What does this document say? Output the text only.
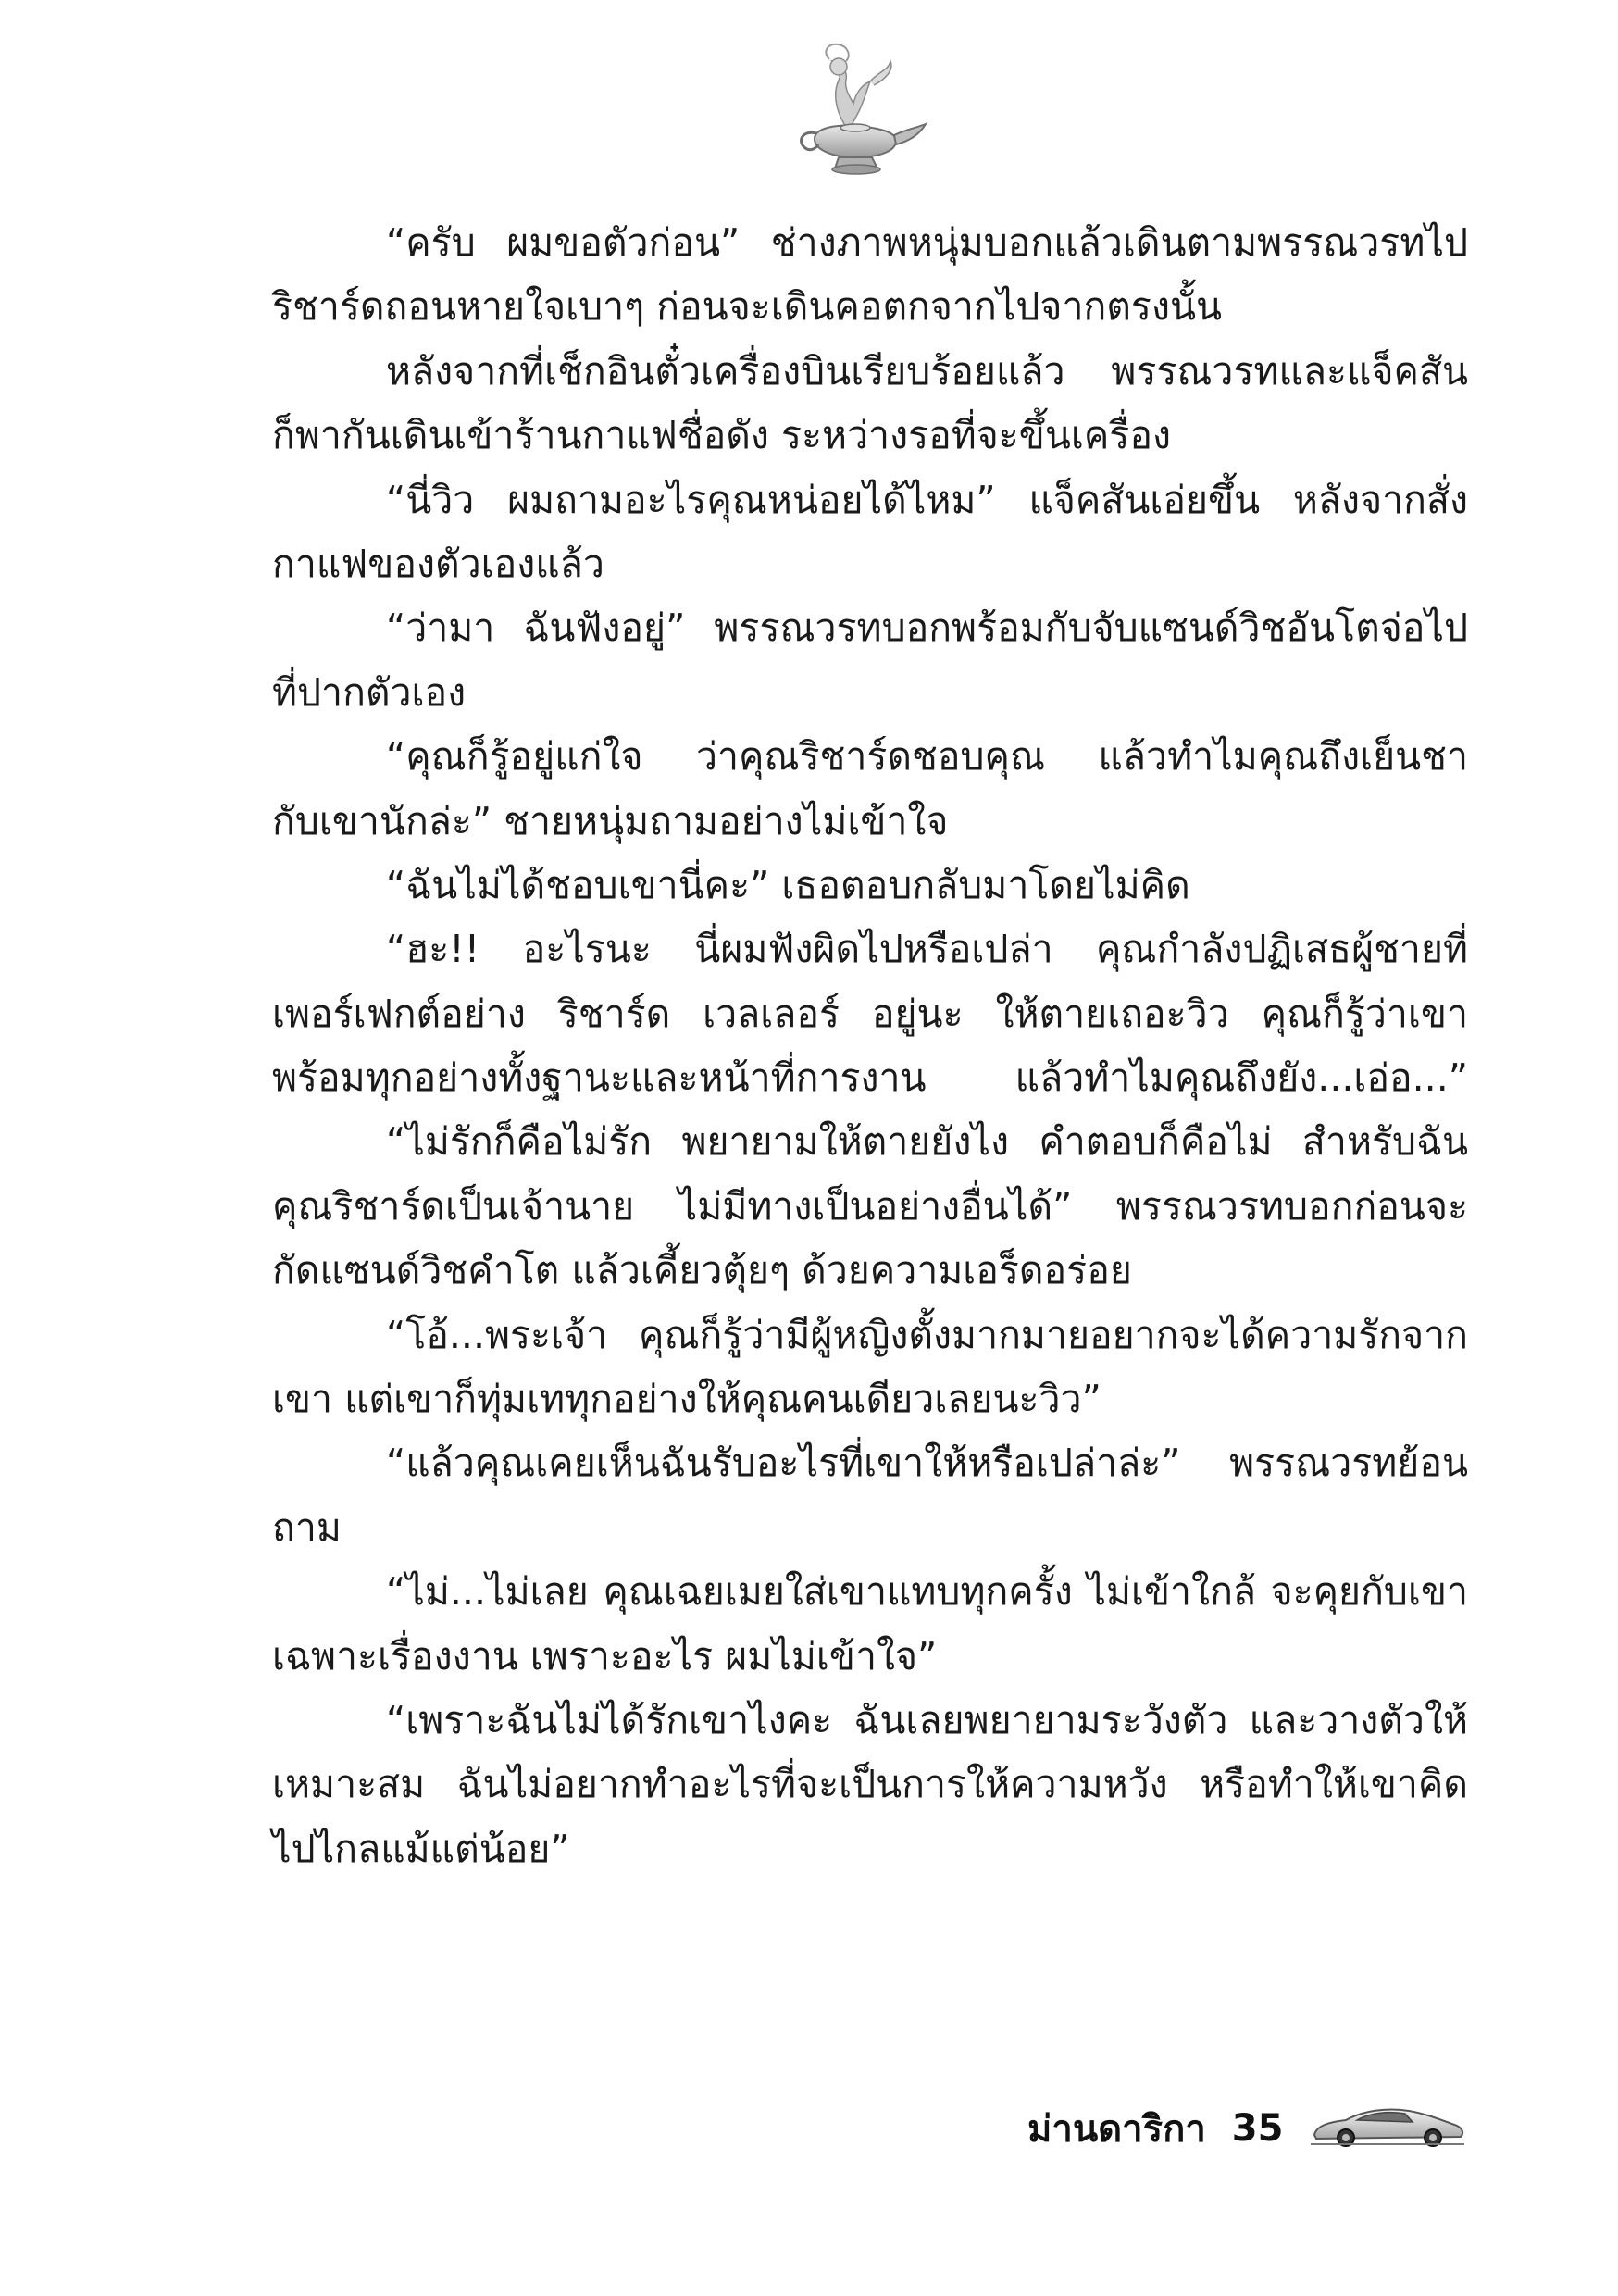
“ครับ ผมขอตัวก่อน” ช่างภาพหนุ่มบอกแล้วเดินตามพรรณวรทไป
ริชาร์ดถอนหายใจเบาๆ ก่อนจะเดินคอตกจากไปจากตรงนั้น
หลังจากที่เช็กอินตั๋วเครื่องบินเรียบร้อยแล้ว พรรณวรทและแจ็คสัน
ก็พากันเดินเข้าร้านกาแฟชื่อดัง ระหว่างรอที่จะขึ้นเครื่อง
“นี่วิว ผมถามอะไรคุณหน่อยได้ไหม” แจ็คสันเอ่ยขึ้น หลังจากสั่ง
กาแฟของตัวเองแล้ว
“ว่ามา ฉันฟังอยู่” พรรณวรทบอกพร้อมกับจับแซนด์วิชอันโตจ่อไป
ที่ปากตัวเอง
“คุณก็รู้อยู่แก่ใจ ว่าคุณริชาร์ดชอบคุณ แล้วทำไมคุณถึงเย็นชา
กับเขานักล่ะ” ชายหนุ่มถามอย่างไม่เข้าใจ
“ฉันไม่ได้ชอบเขานี่คะ” เธอตอบกลับมาโดยไม่คิด
“ฮะ!! อะไรนะ นี่ผมฟังผิดไปหรือเปล่า คุณกำลังปฏิเสธผู้ชายที่
เพอร์เฟกต์อย่าง ริชาร์ด เวลเลอร์ อยู่นะ ให้ตายเถอะวิว คุณก็รู้ว่าเขา
พร้อมทุกอย่างทั้งฐานะและหน้าที่การงาน แล้วทำไมคุณถึงยัง...เอ่อ...”
“ไม่รักก็คือไม่รัก พยายามให้ตายยังไง คำตอบก็คือไม่ สำหรับฉัน
คุณริชาร์ดเป็นเจ้านาย ไม่มีทางเป็นอย่างอื่นได้” พรรณวรทบอกก่อนจะ
กัดแซนด์วิชคำโต แล้วเคี้ยวตุ้ยๆ ด้วยความเอร็ดอร่อย
“โอ้...พระเจ้า คุณก็รู้ว่ามีผู้หญิงตั้งมากมายอยากจะได้ความรักจาก
เขา แต่เขาก็ทุ่มเททุกอย่างให้คุณคนเดียวเลยนะวิว”
“แล้วคุณเคยเห็นฉันรับอะไรที่เขาให้หรือเปล่าล่ะ” พรรณวรทย้อน
ถาม
“ไม่...ไม่เลย คุณเฉยเมยใส่เขาแทบทุกครั้ง ไม่เข้าใกล้ จะคุยกับเขา
เฉพาะเรื่องงาน เพราะอะไร ผมไม่เข้าใจ”
“เพราะฉันไม่ได้รักเขาไงคะ ฉันเลยพยายามระวังตัว และวางตัวให้
เหมาะสม ฉันไม่อยากทำอะไรที่จะเป็นการให้ความหวัง หรือทำให้เขาคิด
ไปไกลแม้แต่น้อย”
ม่านดาริกา 35
